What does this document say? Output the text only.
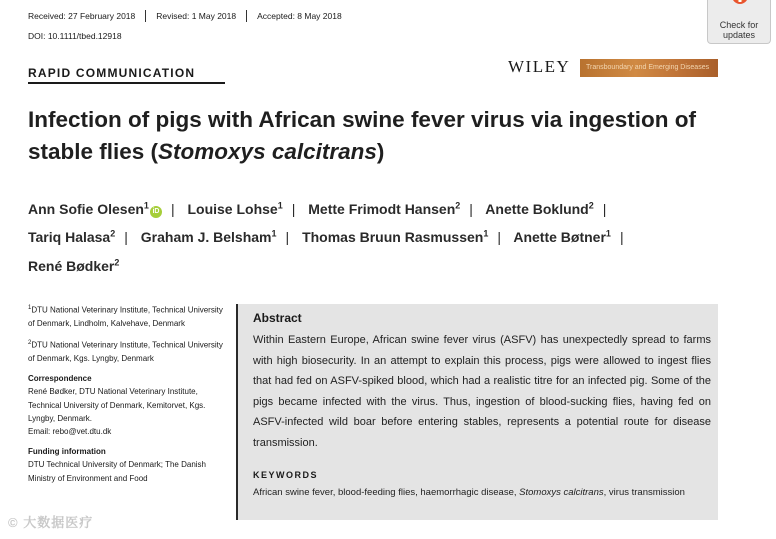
Received: 27 February 2018	Revised: 1 May 2018	Accepted: 8 May 2018
DOI: 10.1111/tbed.12918
Check for
updates
RAPID COMMUNICATION	WILEY	Transboundary and Emerging Diseases
Infection of pigs with African swine fever virus via ingestion of stable flies (Stomoxys calcitrans)
Ann Sofie Olesen$^1$iD | Louise Lohse$^1$ | Mette Frimodt Hansen$^2$ | Anette Boklund$^2$ |
Tariq Halasa$^2$ | Graham J. Belsham$^1$ | Thomas Bruun Rasmussen$^1$ | Anette Bøtner$^1$ |
René Bødker$^2$
$^1$DTU National Veterinary Institute, Technical University of Denmark, Lindholm, Kalvehave, Denmark
$^2$DTU National Veterinary Institute, Technical University of Denmark, Kgs. Lyngby, Denmark
Correspondence
René Bødker, DTU National Veterinary Institute, Technical University of Denmark, Kemitorvet, Kgs. Lyngby, Denmark.
Email: rebo@vet.dtu.dk
Funding information
DTU Technical University of Denmark; The Danish Ministry of Environment and Food
Abstract
Within Eastern Europe, African swine fever virus (ASFV) has unexpectedly spread to farms with high biosecurity. In an attempt to explain this process, pigs were allowed to ingest flies that had fed on ASFV-spiked blood, which had a realistic titre for an infected pig. Some of the pigs became infected with the virus. Thus, ingestion of blood-sucking flies, having fed on ASFV-infected wild boar before entering stables, represents a potential route for disease transmission.
KEYWORDS
African swine fever, blood-feeding flies, haemorrhagic disease, Stomoxys calcitrans, virus transmission
© 大数据医疗
